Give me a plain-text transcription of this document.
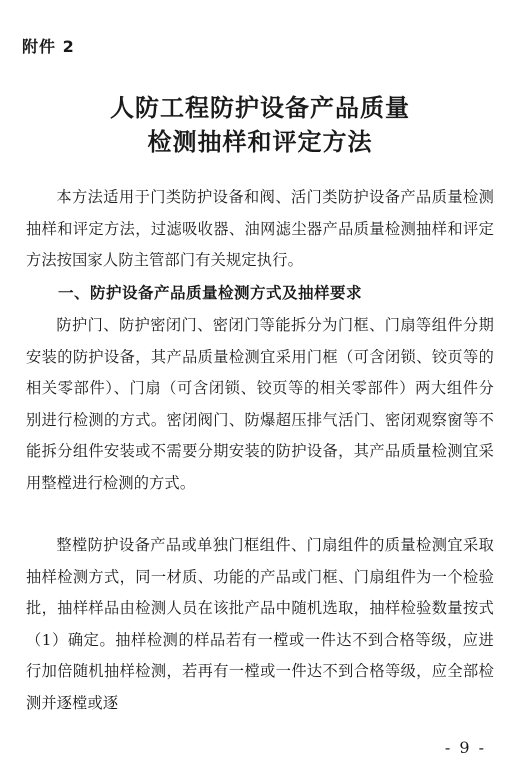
附件 2
人防工程防护设备产品质量
检测抽样和评定方法
本方法适用于门类防护设备和阀、活门类防护设备产品质量检测抽样和评定方法，过滤吸收器、油网滤尘器产品质量检测抽样和评定方法按国家人防主管部门有关规定执行。
一、防护设备产品质量检测方式及抽样要求
防护门、防护密闭门、密闭门等能拆分为门框、门扇等组件分期安装的防护设备，其产品质量检测宜采用门框（可含闭锁、铰页等的相关零部件）、门扇（可含闭锁、铰页等的相关零部件）两大组件分别进行检测的方式。密闭阀门、防爆超压排气活门、密闭观察窗等不能拆分组件安装或不需要分期安装的防护设备，其产品质量检测宜采用整樘进行检测的方式。
整樘防护设备产品或单独门框组件、门扇组件的质量检测宜采取抽样检测方式，同一材质、功能的产品或门框、门扇组件为一个检验批，抽样样品由检测人员在该批产品中随机选取，抽样检验数量按式（1）确定。抽样检测的样品若有一樘或一件达不到合格等级，应进行加倍随机抽样检测，若再有一樘或一件达不到合格等级，应全部检测并逐樘或逐
- 9 -
